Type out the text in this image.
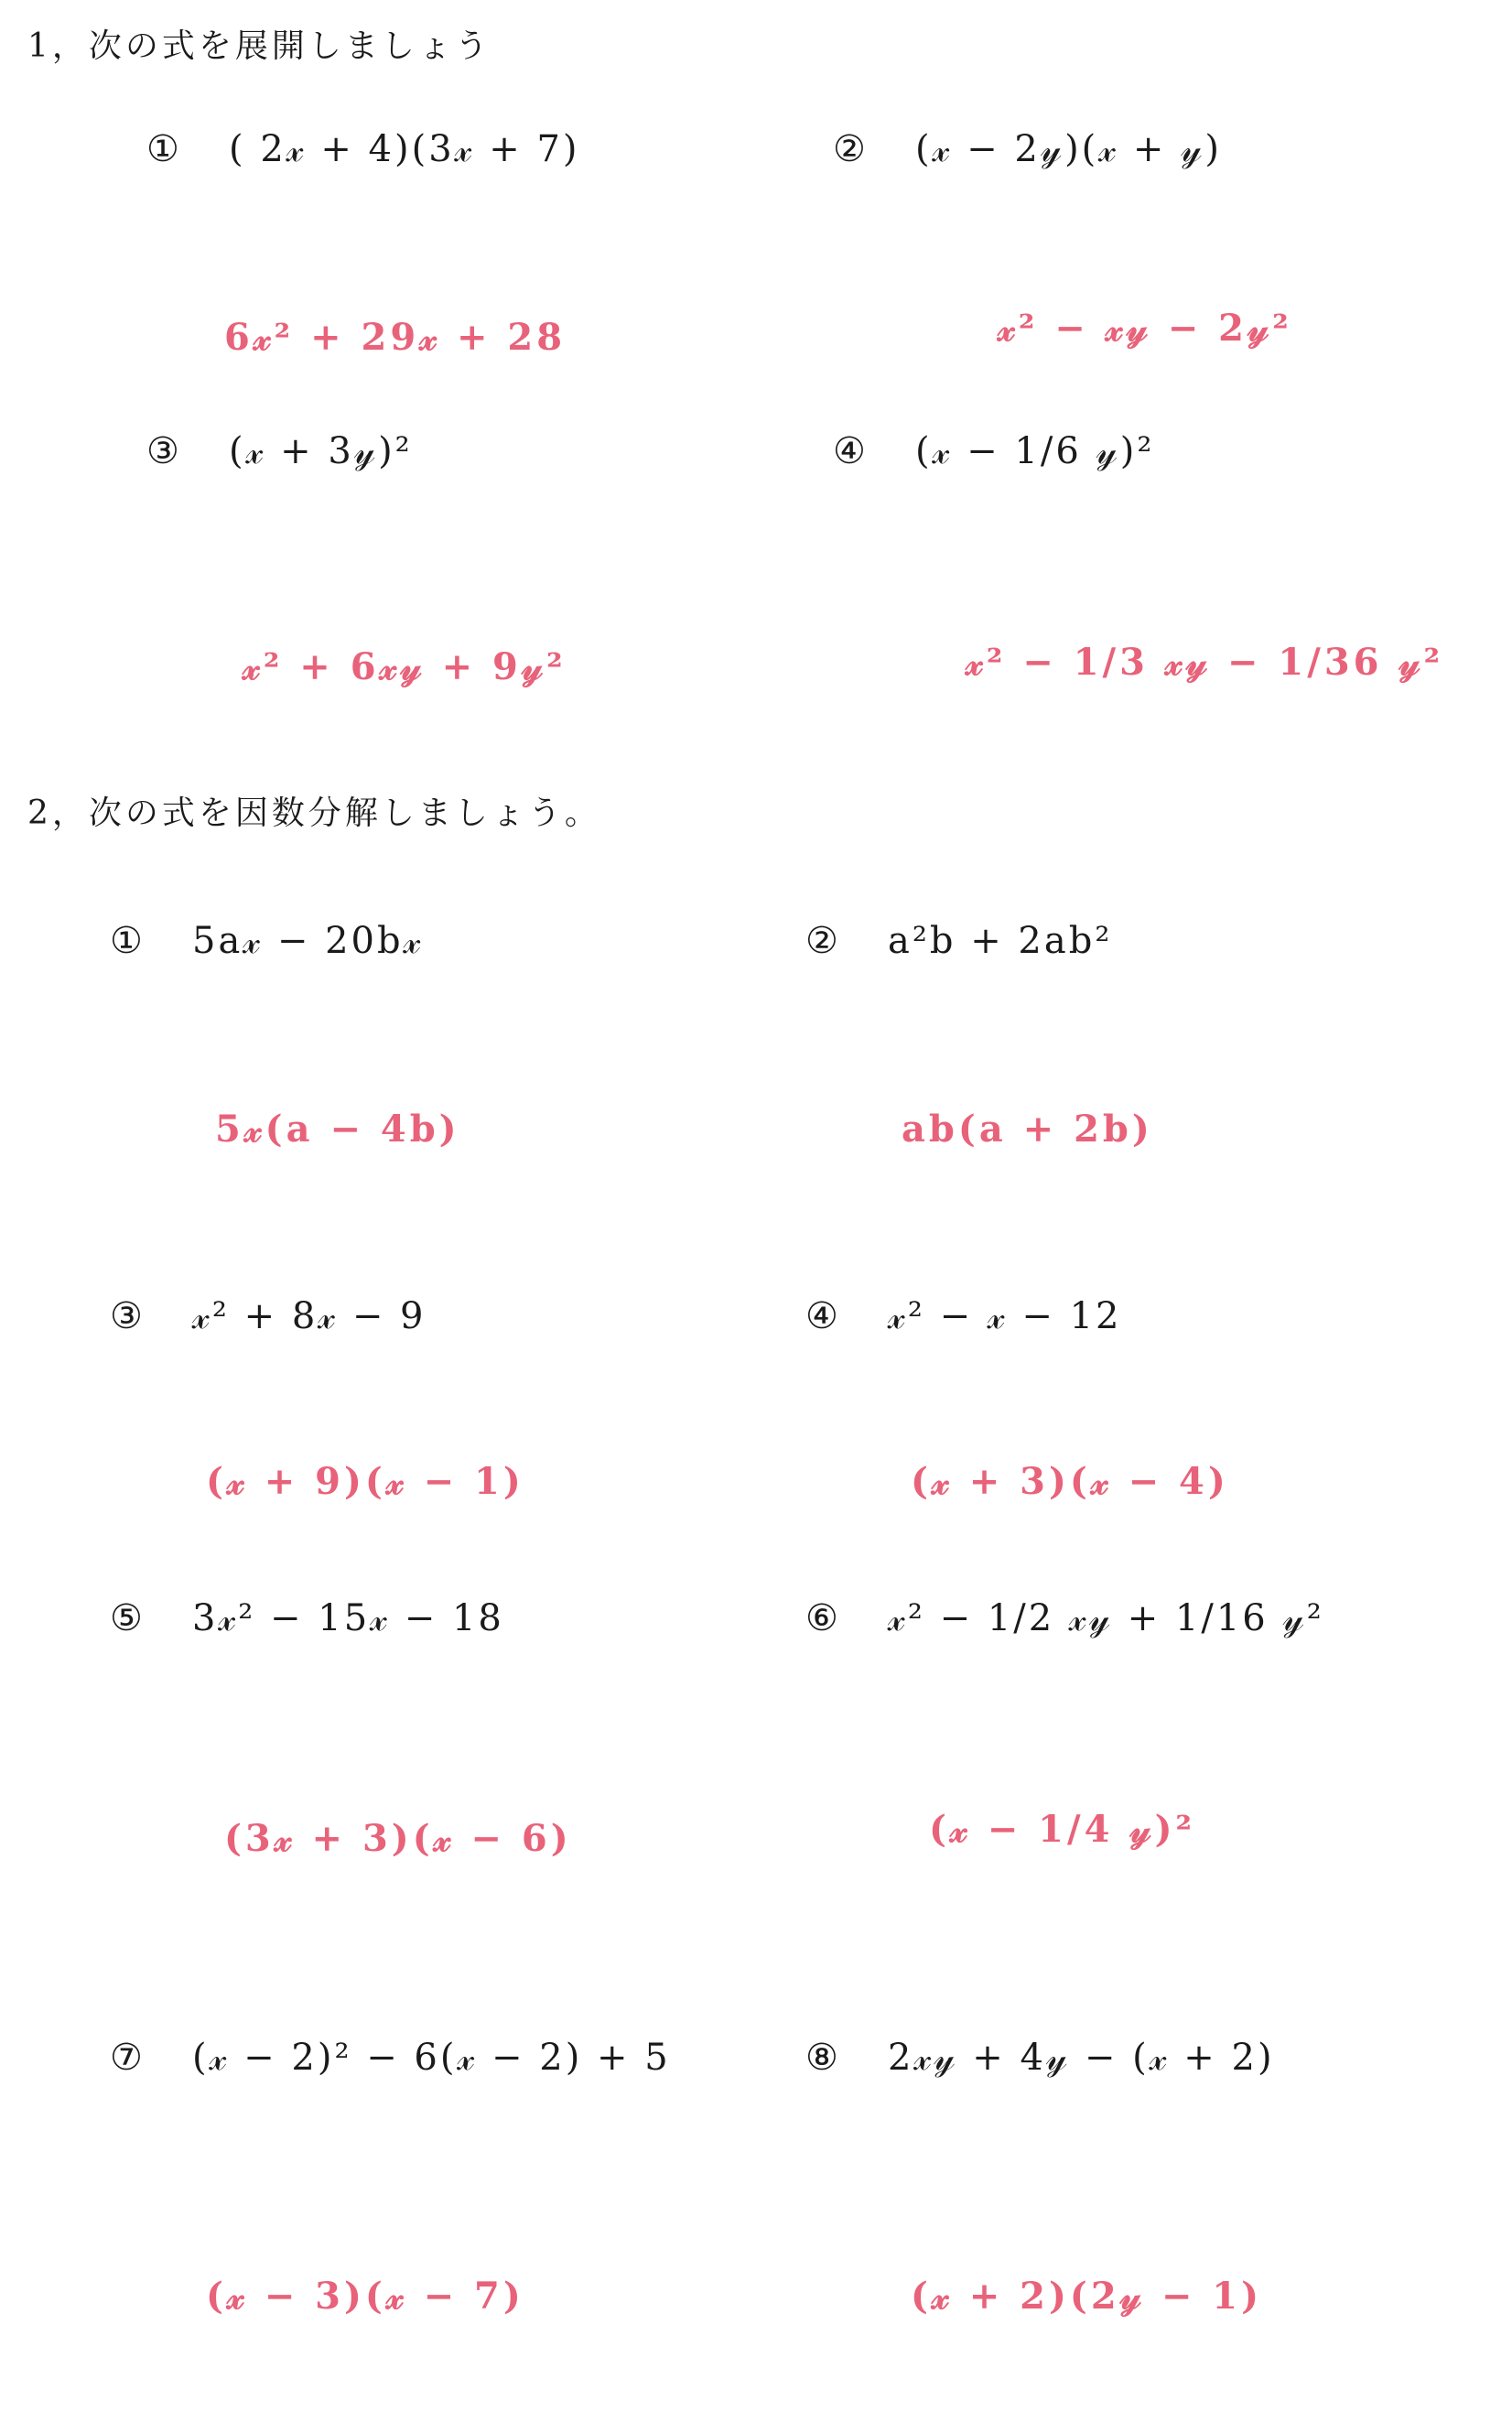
1，次の式を展開しましょう
① ( 2𝓍 + 4)(3𝓍 + 7)	② (𝓍 − 2𝓎)(𝓍 + 𝓎)
6𝓍² + 29𝓍 + 28	𝓍² − 𝓍𝓎 − 2𝓎²
③ (𝓍 + 3𝓎)²	④ (𝓍 − 1/6 𝓎)²
𝓍² + 6𝓍𝓎 + 9𝓎²	𝓍² − 1/3 𝓍𝓎 − 1/36 𝓎²
2，次の式を因数分解しましょう。
① 5a𝓍 − 20b𝓍	② a²b + 2ab²
5𝓍(a − 4b)	ab(a + 2b)
③ 𝓍² + 8𝓍 − 9	④ 𝓍² − 𝓍 − 12
(𝓍 + 9)(𝓍 − 1)	(𝓍 + 3)(𝓍 − 4)
⑤ 3𝓍² − 15𝓍 − 18	⑥ 𝓍² − 1/2 𝓍𝓎 + 1/16 𝓎²
(3𝓍 + 3)(𝓍 − 6)	(𝓍 − 1/4 𝓎)²
⑦ (𝓍 − 2)² − 6(𝓍 − 2) + 5	⑧ 2𝓍𝓎 + 4𝓎 − (𝓍 + 2)
(𝓍 − 3)(𝓍 − 7)	(𝓍 + 2)(2𝓎 − 1)
